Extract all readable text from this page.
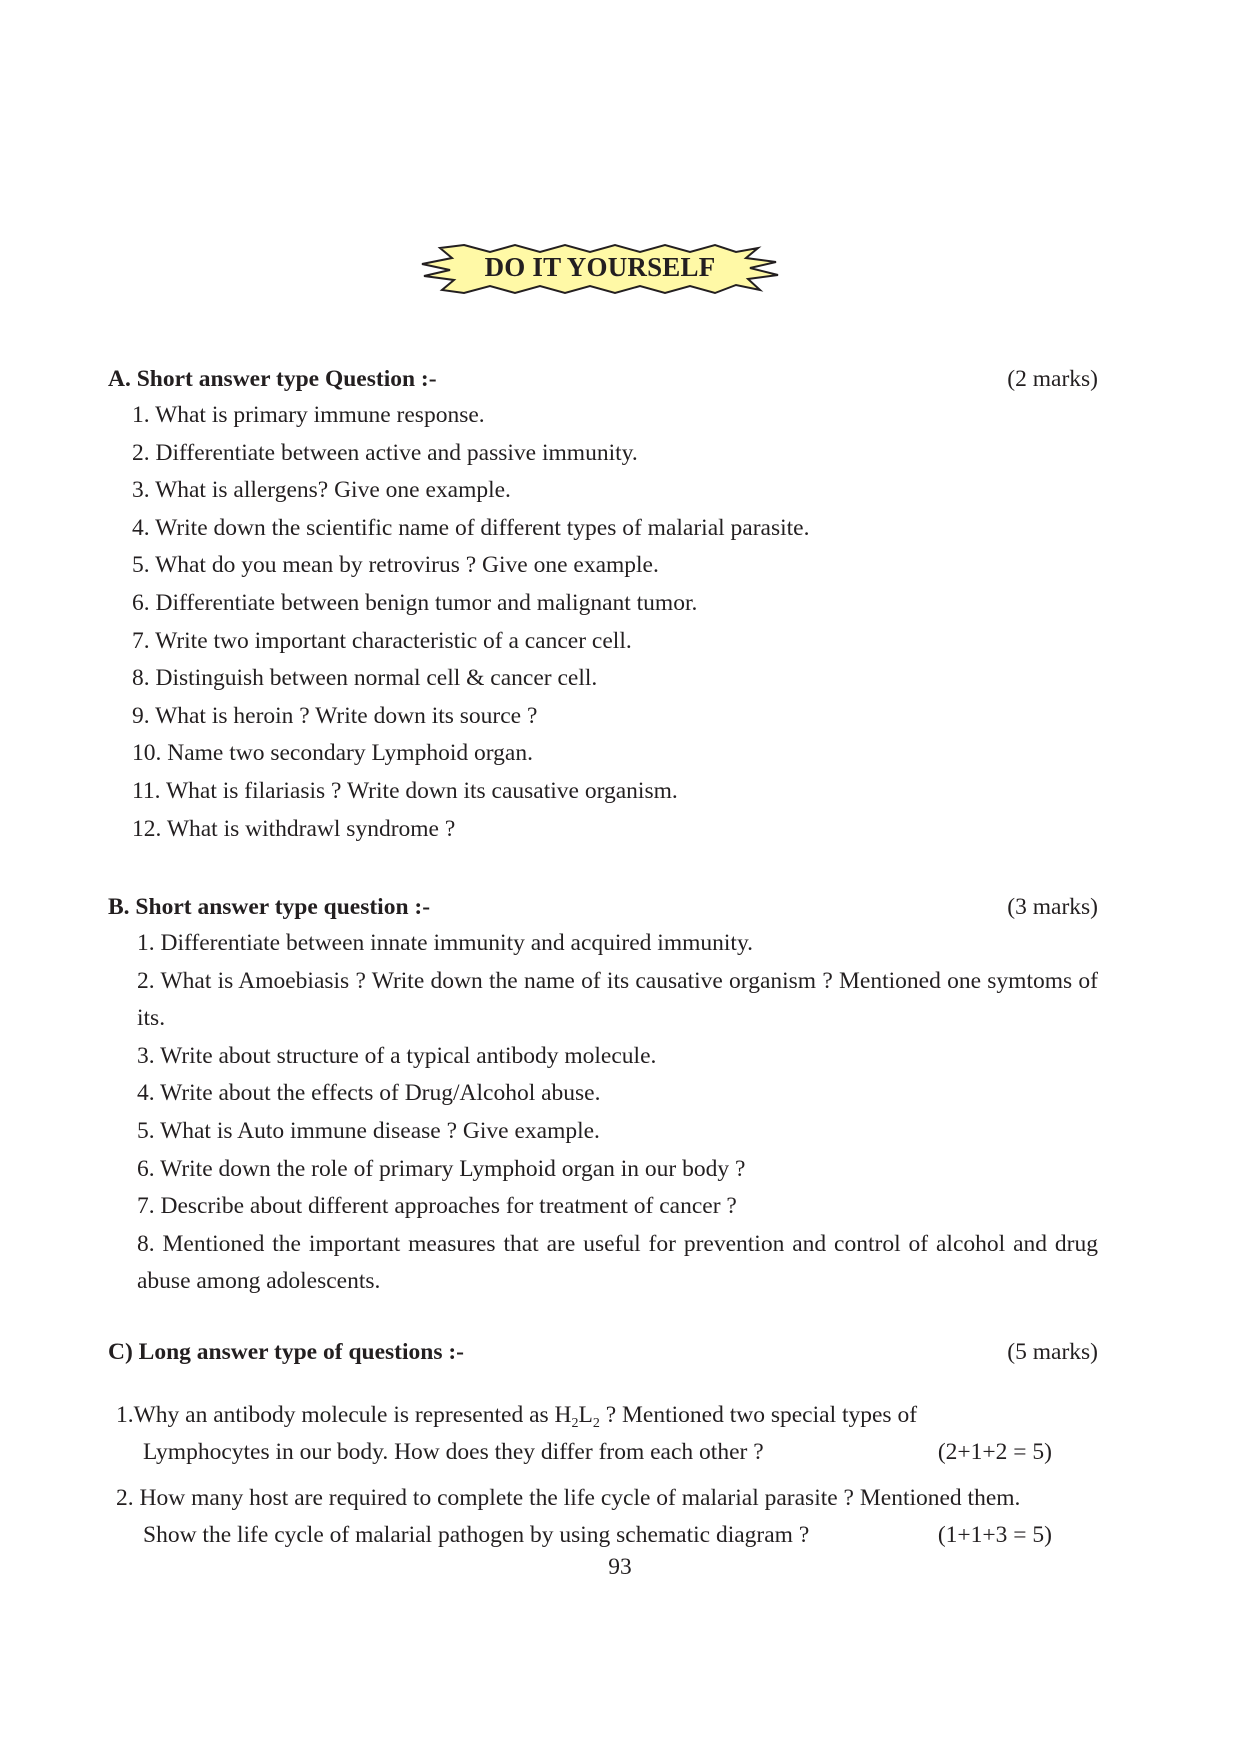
DO IT YOURSELF
A. Short answer type Question :-	(2 marks)
1. What is primary immune response.
2. Differentiate between active and passive immunity.
3. What is allergens? Give one example.
4. Write down the scientific name of different types of malarial parasite.
5. What do you mean by retrovirus ? Give one example.
6. Differentiate between benign tumor and malignant tumor.
7. Write two important characteristic of a cancer cell.
8. Distinguish between normal cell & cancer cell.
9. What is heroin ? Write down its source ?
10. Name two secondary Lymphoid organ.
11. What is filariasis ? Write down its causative organism.
12. What is withdrawl syndrome ?
B. Short answer type question :-	(3 marks)
1. Differentiate between innate immunity and acquired immunity.
2. What is Amoebiasis ? Write down the name of its causative organism ? Mentioned one symtoms of its.
3. Write about structure of a typical antibody molecule.
4. Write about the effects of Drug/Alcohol abuse.
5. What is Auto immune disease ? Give example.
6. Write down the role of primary Lymphoid organ in our body ?
7. Describe about different approaches for treatment of cancer ?
8. Mentioned the important measures that are useful for prevention and control of alcohol and drug abuse among adolescents.
C) Long answer type of questions :-	(5 marks)
1.Why an antibody molecule is represented as $H_2L_2$ ? Mentioned two special types of
Lymphocytes in our body. How does they differ from each other ?	(2+1+2 = 5)
2. How many host are required to complete the life cycle of malarial parasite ? Mentioned them.
Show the life cycle of malarial pathogen by using schematic diagram ?	(1+1+3 = 5)
93
